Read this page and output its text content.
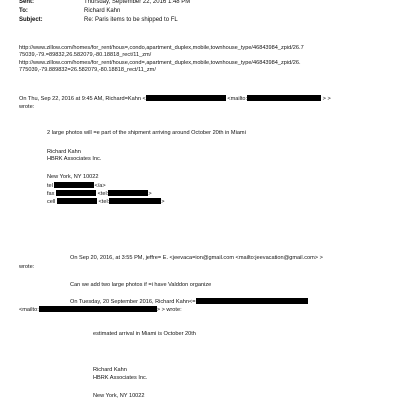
Sent:	Thursday, September 22, 2016 1:48 PM
To:	Richard Kahn
Subject:	Re: Paris items to be shipped to FL
http://www.zillow.com/homes/for_rent/hous=,condo,apartment_duplex,mobile,townhouse_type/46843984_zpid/26.7
75039,-79.=89832,26.582079,-80.18818_rect/11_zm/
http://www.zillow.com/homes/for_rent/house,cond=,apartment_duplex,mobile,townhouse_type/46843984_zpid/26.
775039,-79.889832=26.582079,-80.18818_rect/11_zm/
On Thu, Sep 22, 2016 at 9:45 AM, Richard=Kahn <	<mailto:	> >
wrote:
2 large photos will =e part of the shipment arriving around October 20th in Miami
Richard Kahn
HBRK Associates Inc.
New York, NY 10022
tel	</a>
fax	<tel:	>
cell	<tel:	>
On Sep 20, 2016, at 3:55 PM, jeffre= E. <jeevaca=ion@gmail.com <mailto:jeevacation@gmail.com> >
wrote:
Can we add two large photos if =i have Valddon organize
On Tuesday, 20 September 2016, Richard Kahn<=
<mailto:	> > wrote:
estimated arrival in Miami is October 20th
Richard Kahn
HBRK Associates Inc.
New York, NY 10022
